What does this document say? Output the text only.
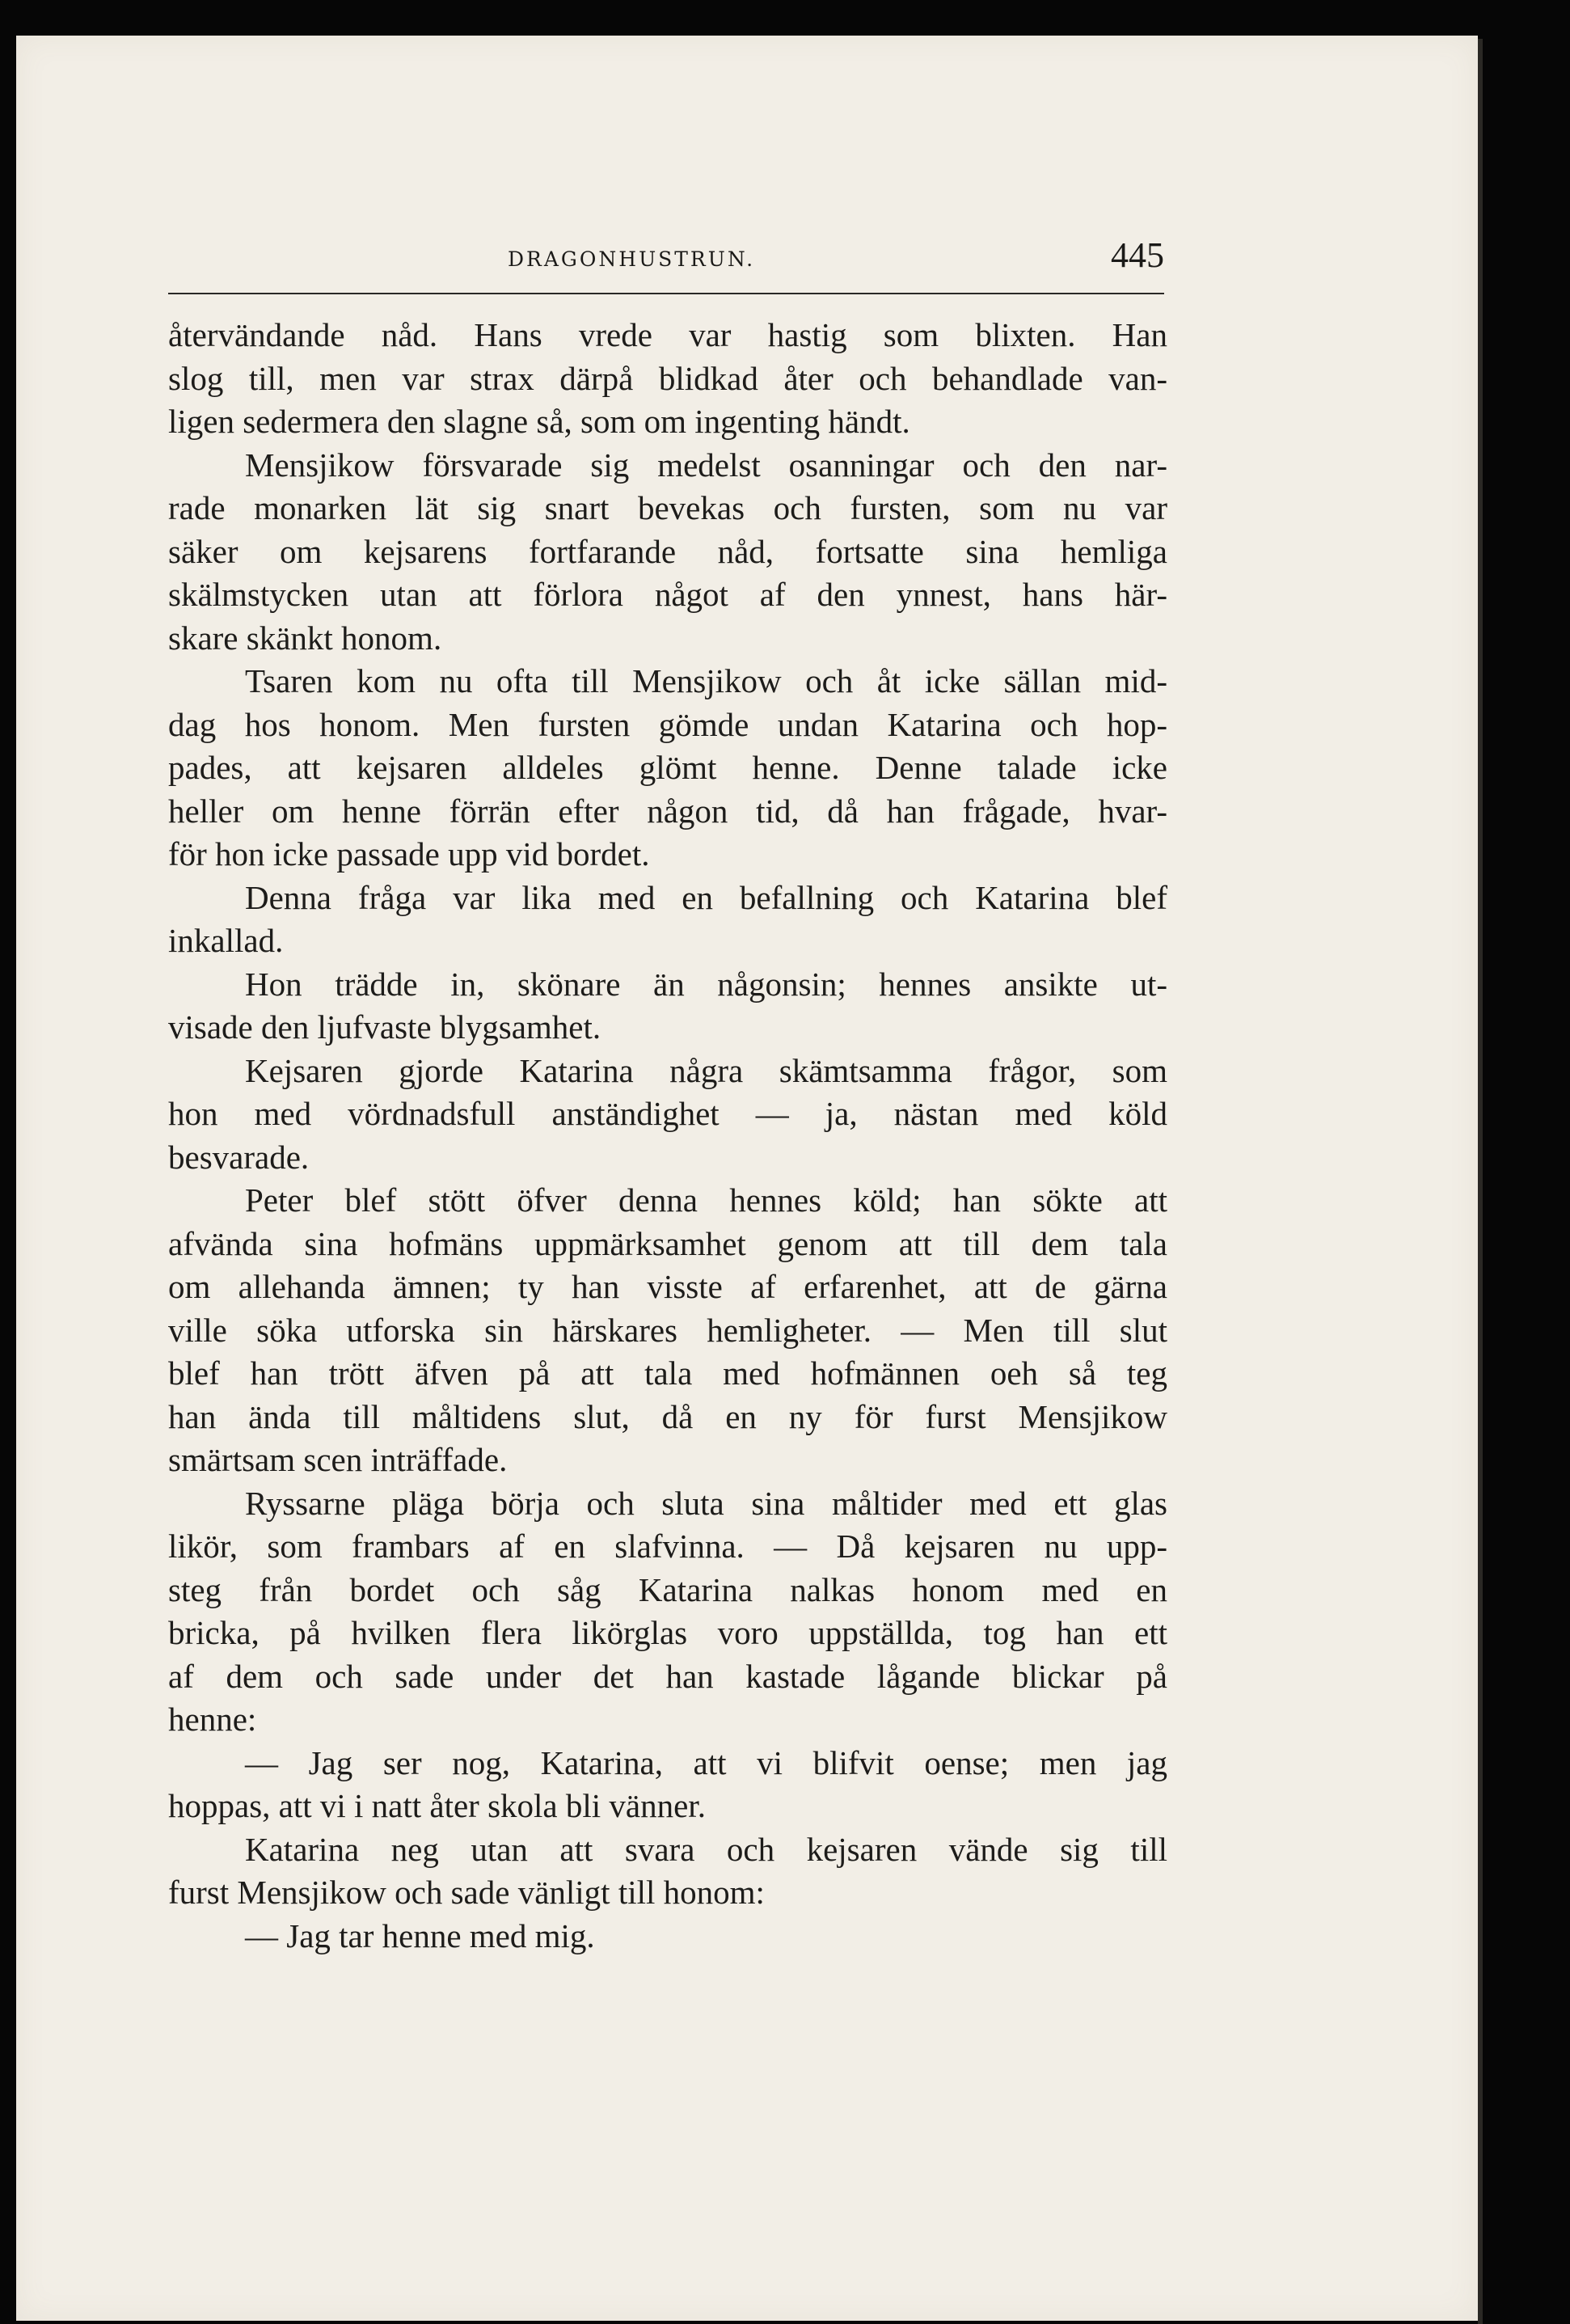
DRAGONHUSTRUN.	445
återvändande nåd. Hans vrede var hastig som blixten. Han
slog till, men var strax därpå blidkad åter och behandlade van-
ligen sedermera den slagne så, som om ingenting händt.
Mensjikow försvarade sig medelst osanningar och den nar-
rade monarken lät sig snart bevekas och fursten, som nu var
säker om kejsarens fortfarande nåd, fortsatte sina hemliga
skälmstycken utan att förlora något af den ynnest, hans här-
skare skänkt honom.
Tsaren kom nu ofta till Mensjikow och åt icke sällan mid-
dag hos honom. Men fursten gömde undan Katarina och hop-
pades, att kejsaren alldeles glömt henne. Denne talade icke
heller om henne förrän efter någon tid, då han frågade, hvar-
för hon icke passade upp vid bordet.
Denna fråga var lika med en befallning och Katarina blef
inkallad.
Hon trädde in, skönare än någonsin; hennes ansikte ut-
visade den ljufvaste blygsamhet.
Kejsaren gjorde Katarina några skämtsamma frågor, som
hon med vördnadsfull anständighet — ja, nästan med köld
besvarade.
Peter blef stött öfver denna hennes köld; han sökte att
afvända sina hofmäns uppmärksamhet genom att till dem tala
om allehanda ämnen; ty han visste af erfarenhet, att de gärna
ville söka utforska sin härskares hemligheter. — Men till slut
blef han trött äfven på att tala med hofmännen oeh så teg
han ända till måltidens slut, då en ny för furst Mensjikow
smärtsam scen inträffade.
Ryssarne pläga börja och sluta sina måltider med ett glas
likör, som frambars af en slafvinna. — Då kejsaren nu upp-
steg från bordet och såg Katarina nalkas honom med en
bricka, på hvilken flera likörglas voro uppställda, tog han ett
af dem och sade under det han kastade lågande blickar på
henne:
— Jag ser nog, Katarina, att vi blifvit oense; men jag
hoppas, att vi i natt åter skola bli vänner.
Katarina neg utan att svara och kejsaren vände sig till
furst Mensjikow och sade vänligt till honom:
— Jag tar henne med mig.
